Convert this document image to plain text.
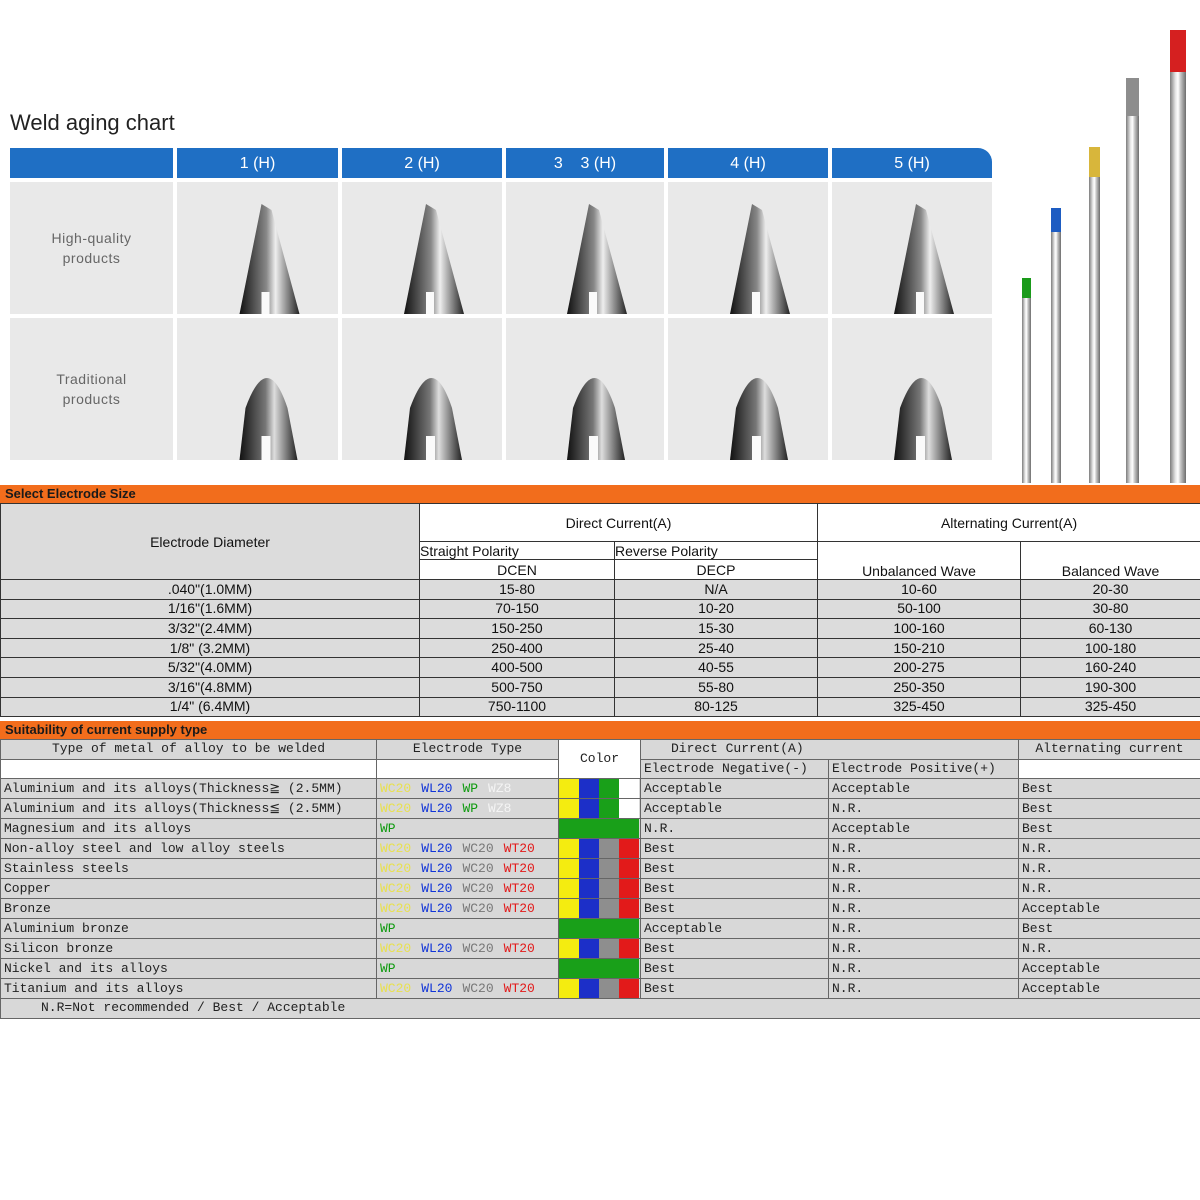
Weld aging chart
1 (H)	2 (H)	3    3 (H)	4 (H)	5 (H)
High-quality products
Traditional products
Select Electrode Size
Electrode Diameter	Direct Current(A)		Alternating Current(A)	
	Straight Polarity	Reverse Polarity	Unbalanced Wave	Balanced Wave
	DCEN	DECP		
.040"(1.0MM)	15-80	N/A	10-60	20-30
1/16"(1.6MM)	70-150	10-20	50-100	30-80
3/32"(2.4MM)	150-250	15-30	100-160	60-130
1/8" (3.2MM)	250-400	25-40	150-210	100-180
5/32"(4.0MM)	400-500	40-55	200-275	160-240
3/16"(4.8MM)	500-750	55-80	250-350	190-300
1/4" (6.4MM)	750-1100	80-125	325-450	325-450
Suitability of current supply type
Type of metal of alloy to be welded	Electrode Type	Color	Direct Current(A)		Alternating current
			Electrode Negative(-)	Electrode Positive(+)	
Aluminium and its alloys(Thickness≧ (2.5MM)	WC20 WL20 WP WZ8		Acceptable	Acceptable	Best
Aluminium and its alloys(Thickness≦ (2.5MM)	WC20 WL20 WP WZ8		Acceptable	N.R.	Best
Magnesium and its alloys	WP		N.R.	Acceptable	Best
Non-alloy steel and low alloy steels	WC20 WL20 WC20 WT20		Best	N.R.	N.R.
Stainless steels	WC20 WL20 WC20 WT20		Best	N.R.	N.R.
Copper	WC20 WL20 WC20 WT20		Best	N.R.	N.R.
Bronze	WC20 WL20 WC20 WT20		Best	N.R.	Acceptable
Aluminium bronze	WP		Acceptable	N.R.	Best
Silicon bronze	WC20 WL20 WC20 WT20		Best	N.R.	N.R.
Nickel and its alloys	WP		Best	N.R.	Acceptable
Titanium and its alloys	WC20 WL20 WC20 WT20		Best	N.R.	Acceptable
N.R=Not recommended / Best / Acceptable					
